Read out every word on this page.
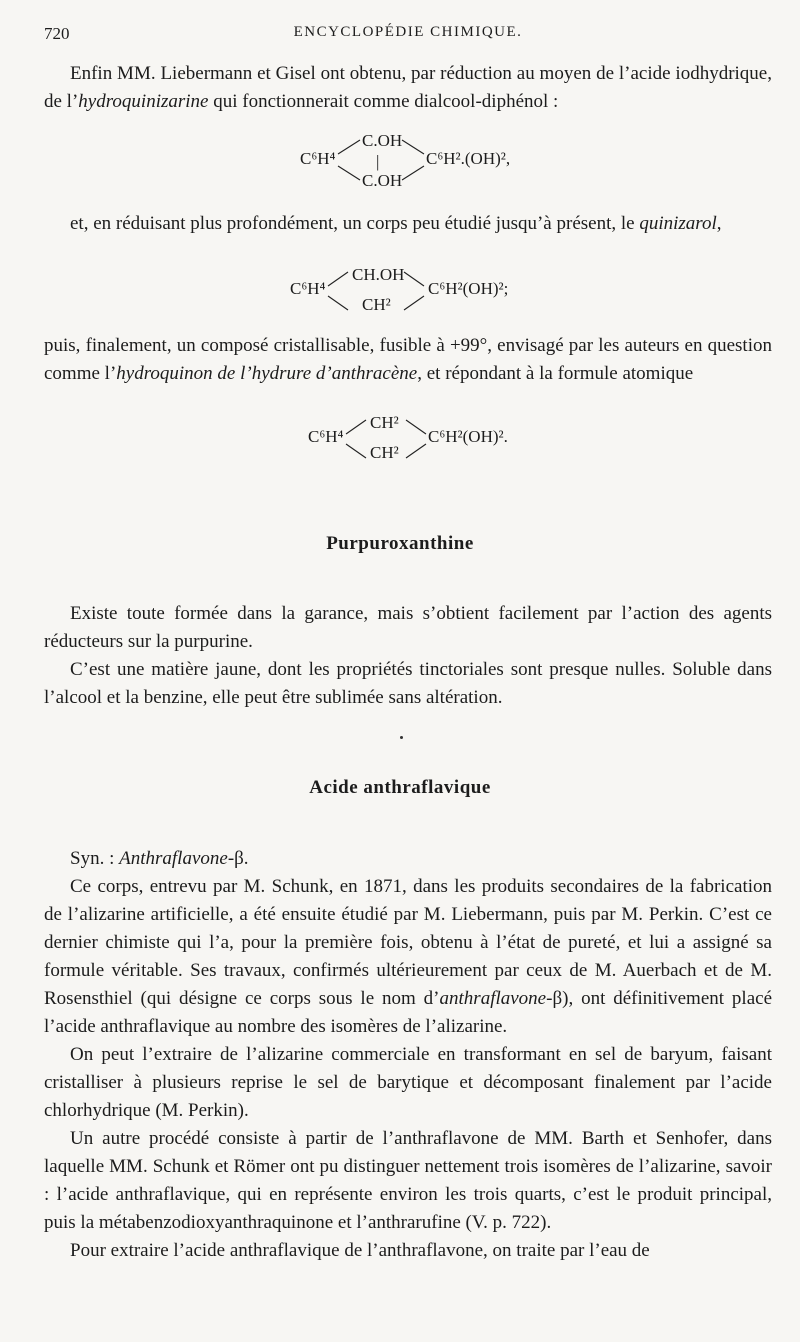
720	ENCYCLOPÉDIE CHIMIQUE.

Enfin MM. Liebermann et Gisel ont obtenu, par réduction au moyen de l’acide iodhydrique, de l’hydroquinizarine qui fonctionnerait comme dialcool-diphénol :

C⁶H⁴
C.OH
|
C.OH
C⁶H².(OH)²,

et, en réduisant plus profondément, un corps peu étudié jusqu’à présent, le quinizarol,

C⁶H⁴
CH.OH
CH²
C⁶H²(OH)²;

puis, finalement, un composé cristallisable, fusible à +99°, envisagé par les auteurs en question comme l’hydroquinon de l’hydrure d’anthracène, et répondant à la formule atomique

C⁶H⁴
CH²
CH²
C⁶H²(OH)².
Purpuroxanthine

Existe toute formée dans la garance, mais s’obtient facilement par l’action des agents réducteurs sur la purpurine.

C’est une matière jaune, dont les propriétés tinctoriales sont presque nulles. Soluble dans l’alcool et la benzine, elle peut être sublimée sans altération.

Acide anthraflavique

Syn. : Anthraflavone-β.

Ce corps, entrevu par M. Schunk, en 1871, dans les produits secondaires de la fabrication de l’alizarine artificielle, a été ensuite étudié par M. Liebermann, puis par M. Perkin. C’est ce dernier chimiste qui l’a, pour la première fois, obtenu à l’état de pureté, et lui a assigné sa formule véritable. Ses travaux, confirmés ultérieurement par ceux de M. Auerbach et de M. Rosensthiel (qui désigne ce corps sous le nom d’anthraflavone-β), ont définitivement placé l’acide anthraflavique au nombre des isomères de l’alizarine.

On peut l’extraire de l’alizarine commerciale en transformant en sel de baryum, faisant cristalliser à plusieurs reprise le sel de barytique et décomposant finalement par l’acide chlorhydrique (M. Perkin).

Un autre procédé consiste à partir de l’anthraflavone de MM. Barth et Senhofer, dans laquelle MM. Schunk et Römer ont pu distinguer nettement trois isomères de l’alizarine, savoir : l’acide anthraflavique, qui en représente environ les trois quarts, c’est le produit principal, puis la métabenzodioxyanthraquinone et l’anthrarufine (V. p. 722).

Pour extraire l’acide anthraflavique de l’anthraflavone, on traite par l’eau de
